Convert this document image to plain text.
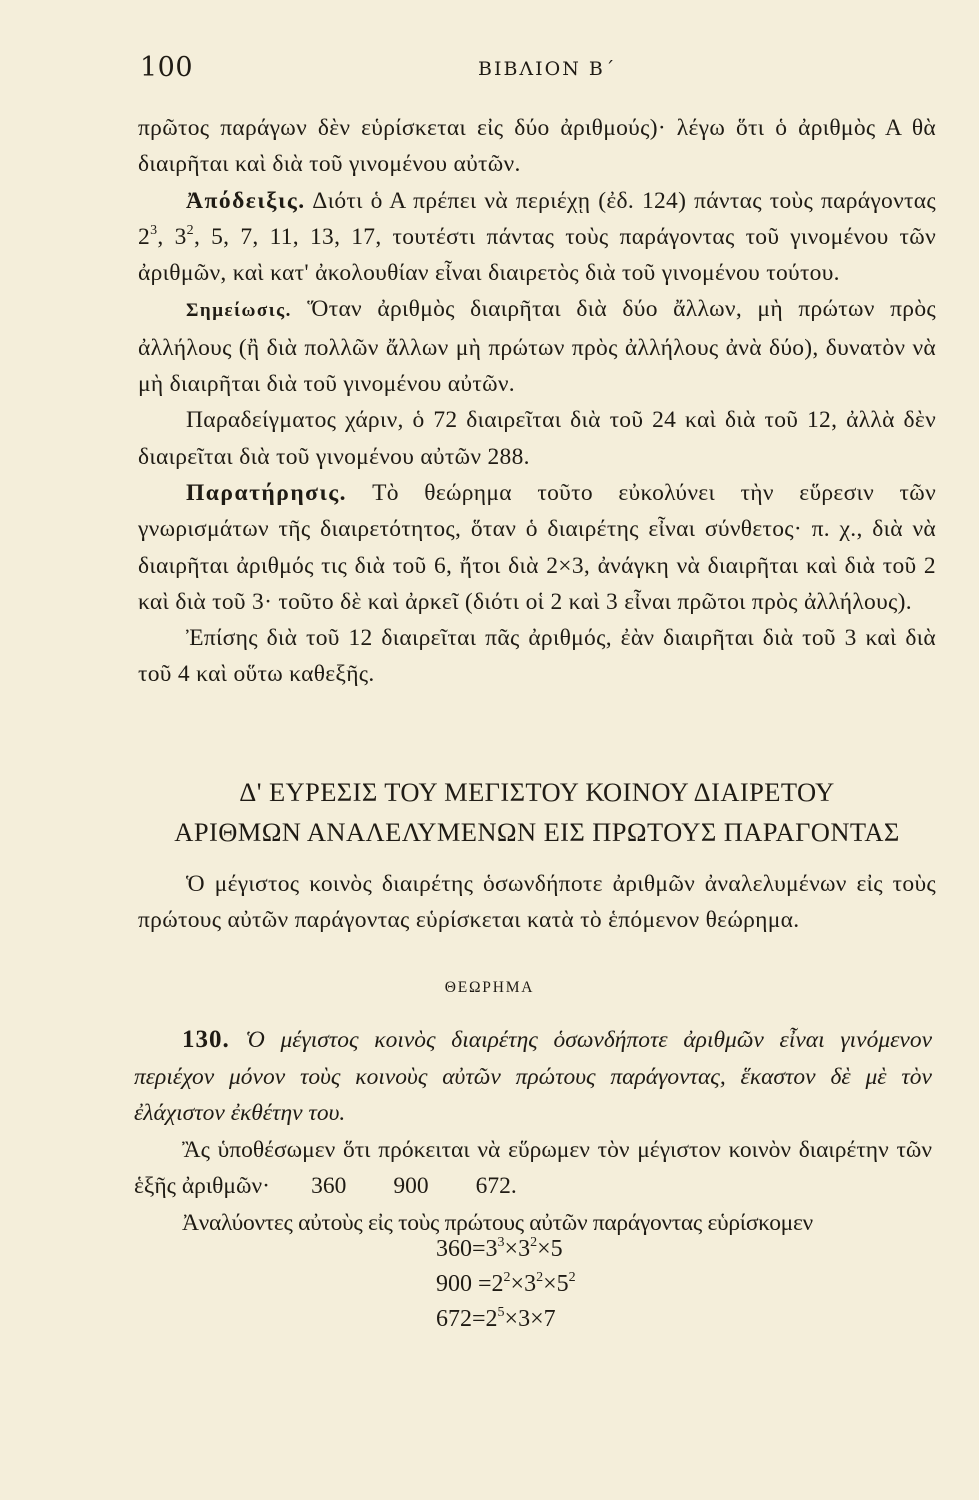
100	ΒΙΒΛΙΟΝ Β΄

πρῶτος παράγων δὲν εὑρίσκεται εἰς δύο ἀριθμούς)· λέγω ὅτι ὁ ἀριθμὸς Α θὰ διαιρῆται καὶ διὰ τοῦ γινομένου αὐτῶν.

Ἀπόδειξις. Διότι ὁ Α πρέπει νὰ περιέχῃ (ἐδ. 124) πάντας τοὺς παράγοντας $2^3$, $3^2$, 5, 7, 11, 13, 17, τουτέστι πάντας τοὺς παράγοντας τοῦ γινομένου τῶν ἀριθμῶν, καὶ κατ' ἀκολουθίαν εἶναι διαιρετὸς διὰ τοῦ γινομένου τούτου.

Σημείωσις. Ὅταν ἀριθμὸς διαιρῆται διὰ δύο ἄλλων, μὴ πρώτων πρὸς ἀλλήλους (ἢ διὰ πολλῶν ἄλλων μὴ πρώτων πρὸς ἀλλήλους ἀνὰ δύο), δυνατὸν νὰ μὴ διαιρῆται διὰ τοῦ γινομένου αὐτῶν.

Παραδείγματος χάριν, ὁ 72 διαιρεῖται διὰ τοῦ 24 καὶ διὰ τοῦ 12, ἀλλὰ δὲν διαιρεῖται διὰ τοῦ γινομένου αὐτῶν 288.

Παρατήρησις. Τὸ θεώρημα τοῦτο εὐκολύνει τὴν εὕρεσιν τῶν γνωρισμάτων τῆς διαιρετότητος, ὅταν ὁ διαιρέτης εἶναι σύνθετος· π. χ., διὰ νὰ διαιρῆται ἀριθμός τις διὰ τοῦ 6, ἤτοι διὰ 2×3, ἀνάγκη νὰ διαιρῆται καὶ διὰ τοῦ 2 καὶ διὰ τοῦ 3· τοῦτο δὲ καὶ ἀρκεῖ (διότι οἱ 2 καὶ 3 εἶναι πρῶτοι πρὸς ἀλλήλους).

Ἐπίσης διὰ τοῦ 12 διαιρεῖται πᾶς ἀριθμός, ἐὰν διαιρῆται διὰ τοῦ 3 καὶ διὰ τοῦ 4 καὶ οὕτω καθεξῆς.

Δ' ΕΥΡΕΣΙΣ ΤΟΥ ΜΕΓΙΣΤΟΥ ΚΟΙΝΟΥ ΔΙΑΙΡΕΤΟΥ
ΑΡΙΘΜΩΝ ΑΝΑΛΕΛΥΜΕΝΩΝ ΕΙΣ ΠΡΩΤΟΥΣ ΠΑΡΑΓΟΝΤΑΣ

Ὁ μέγιστος κοινὸς διαιρέτης ὁσωνδήποτε ἀριθμῶν ἀναλελυμένων εἰς τοὺς πρώτους αὐτῶν παράγοντας εὑρίσκεται κατὰ τὸ ἑπόμενον θεώρημα.

ΘΕΩΡΗΜΑ

130. Ὁ μέγιστος κοινὸς διαιρέτης ὁσωνδήποτε ἀριθμῶν εἶναι γινόμενον περιέχον μόνον τοὺς κοινοὺς αὐτῶν πρώτους παράγοντας, ἕκαστον δὲ μὲ τὸν ἐλάχιστον ἐκθέτην του.

Ἂς ὑποθέσωμεν ὅτι πρόκειται νὰ εὕρωμεν τὸν μέγιστον κοινὸν διαιρέτην τῶν ἑξῆς ἀριθμῶν· 360 900 672.

Ἀναλύοντες αὐτοὺς εἰς τοὺς πρώτους αὐτῶν παράγοντας εὑρίσκομεν

$360=3^3\times 3^2\times 5$
$900 =2^2\times 3^2\times 5^2$
$672=2^5\times 3\times 7$
